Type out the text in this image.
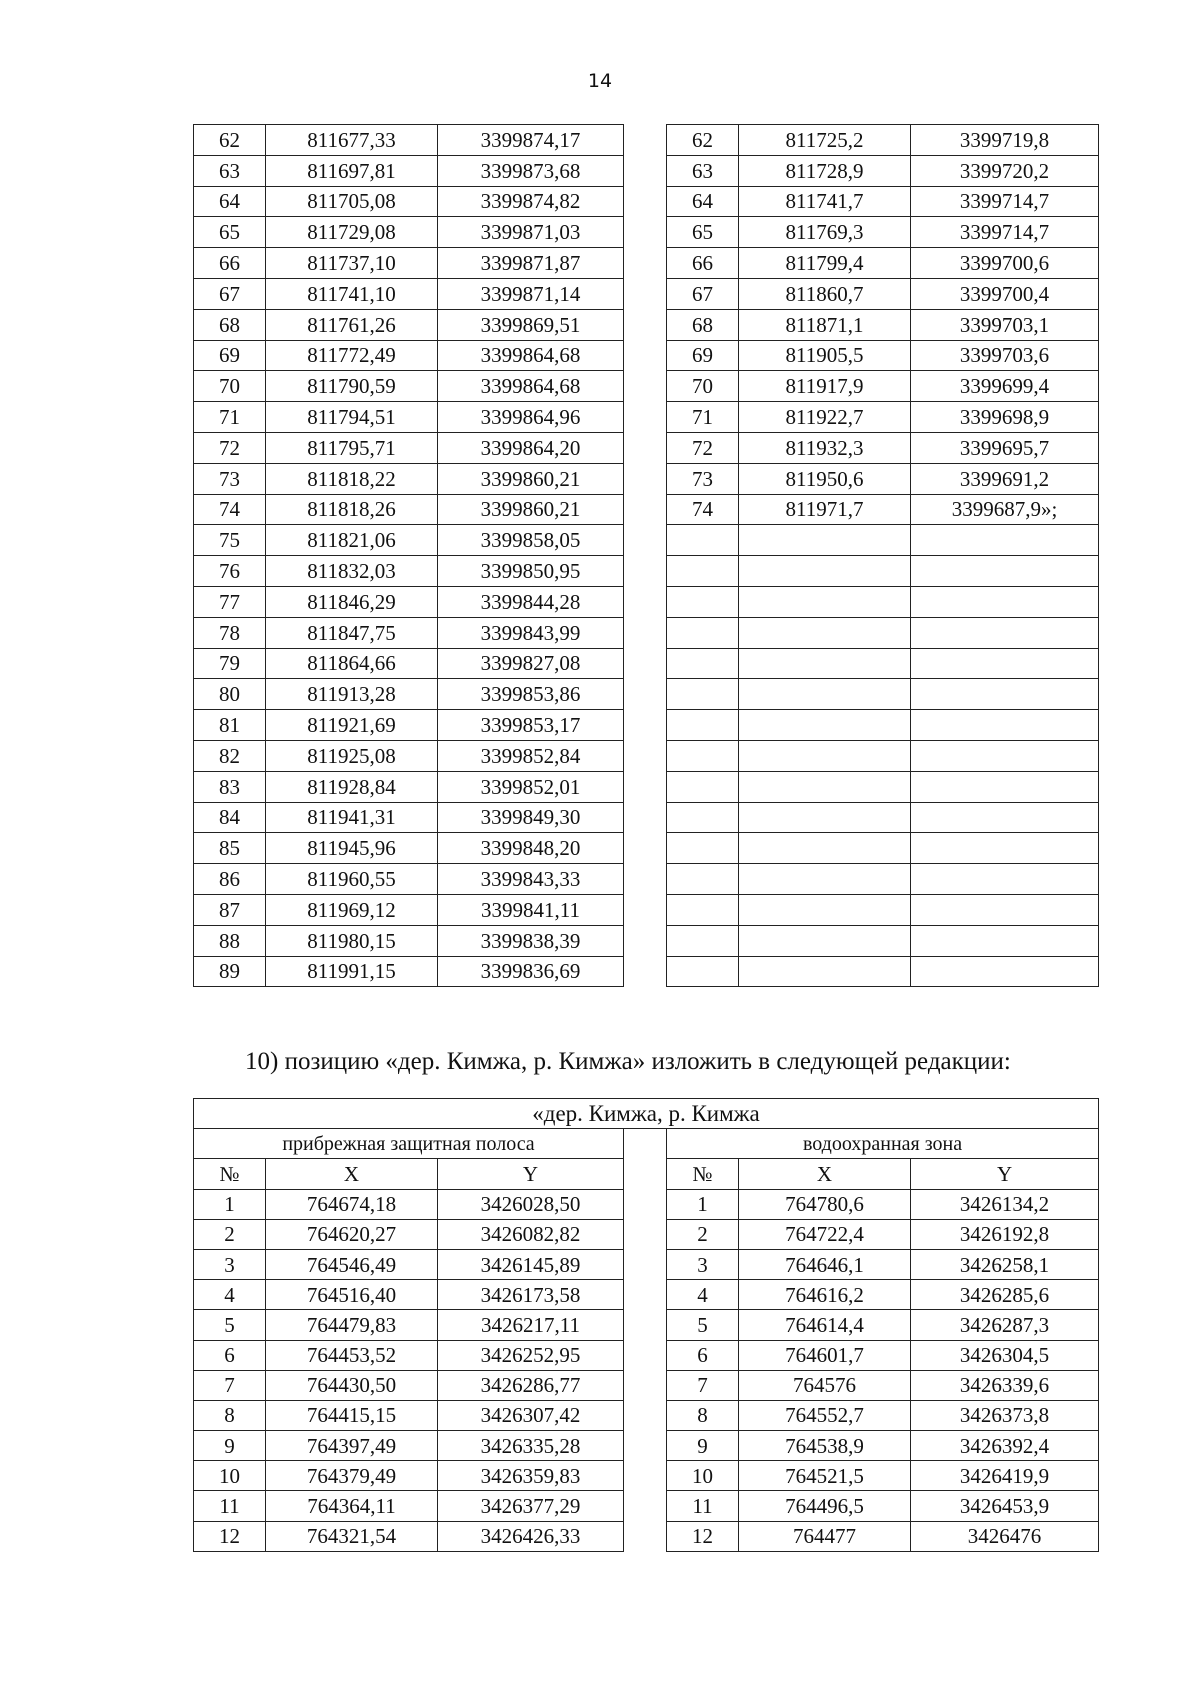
14
62	811677,33	3399874,17		62	811725,2	3399719,8
63	811697,81	3399873,68		63	811728,9	3399720,2
64	811705,08	3399874,82		64	811741,7	3399714,7
65	811729,08	3399871,03		65	811769,3	3399714,7
66	811737,10	3399871,87		66	811799,4	3399700,6
67	811741,10	3399871,14		67	811860,7	3399700,4
68	811761,26	3399869,51		68	811871,1	3399703,1
69	811772,49	3399864,68		69	811905,5	3399703,6
70	811790,59	3399864,68		70	811917,9	3399699,4
71	811794,51	3399864,96		71	811922,7	3399698,9
72	811795,71	3399864,20		72	811932,3	3399695,7
73	811818,22	3399860,21		73	811950,6	3399691,2
74	811818,26	3399860,21		74	811971,7	3399687,9»;
75	811821,06	3399858,05				
76	811832,03	3399850,95				
77	811846,29	3399844,28				
78	811847,75	3399843,99				
79	811864,66	3399827,08				
80	811913,28	3399853,86				
81	811921,69	3399853,17				
82	811925,08	3399852,84				
83	811928,84	3399852,01				
84	811941,31	3399849,30				
85	811945,96	3399848,20				
86	811960,55	3399843,33				
87	811969,12	3399841,11				
88	811980,15	3399838,39				
89	811991,15	3399836,69				
10) позицию «дер. Кимжа, р. Кимжа» изложить в следующей редакции:
«дер. Кимжа, р. Кимжа						
прибрежная защитная полоса				водоохранная зона		
№	X	Y		№	X	Y
1	764674,18	3426028,50		1	764780,6	3426134,2
2	764620,27	3426082,82		2	764722,4	3426192,8
3	764546,49	3426145,89		3	764646,1	3426258,1
4	764516,40	3426173,58		4	764616,2	3426285,6
5	764479,83	3426217,11		5	764614,4	3426287,3
6	764453,52	3426252,95		6	764601,7	3426304,5
7	764430,50	3426286,77		7	764576	3426339,6
8	764415,15	3426307,42		8	764552,7	3426373,8
9	764397,49	3426335,28		9	764538,9	3426392,4
10	764379,49	3426359,83		10	764521,5	3426419,9
11	764364,11	3426377,29		11	764496,5	3426453,9
12	764321,54	3426426,33		12	764477	3426476
